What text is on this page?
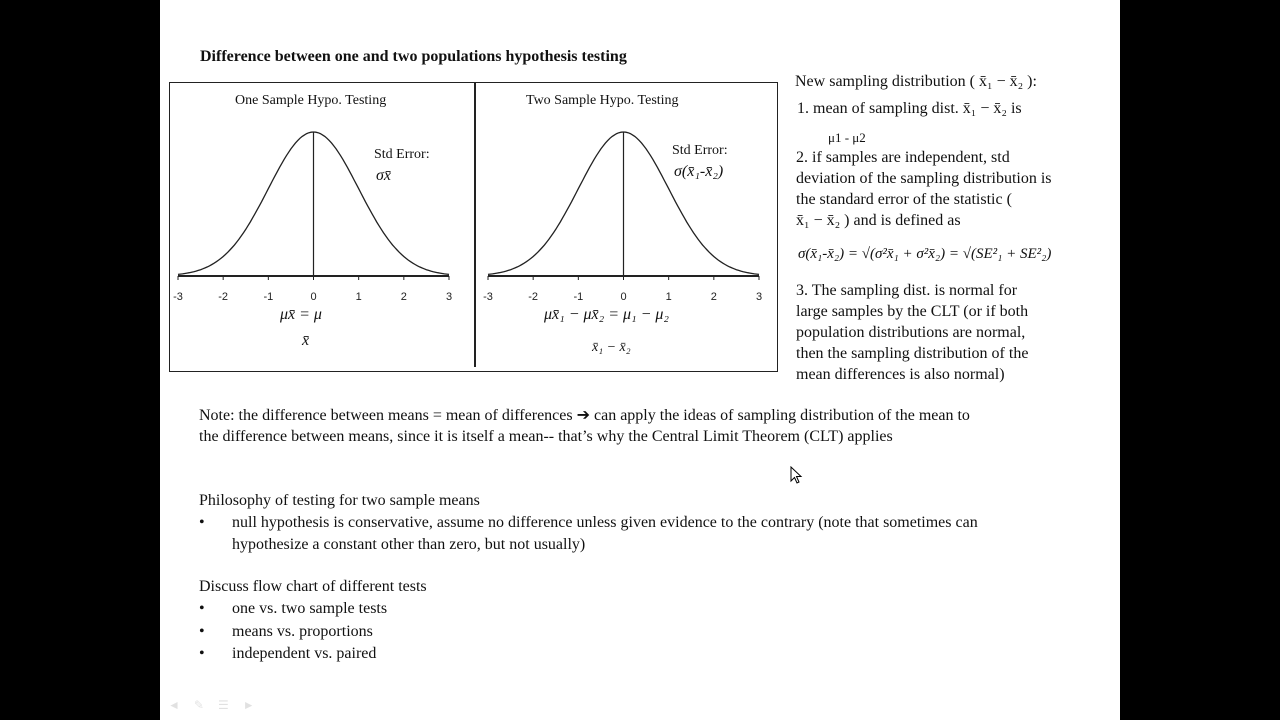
Difference between one and two populations hypothesis testing
One Sample Hypo. Testing	Two Sample Hypo. Testing
-3	-2	-1	0	1	2	3	-3	-2	-1	0	1	2	3
Std Error:
σx̄
Std Error:
σ(x̄₁-x̄₂)
μx̄ = μ
x̄
μx̄₁ − μx̄₂ = μ₁ − μ₂
x̄₁ − x̄₂
New sampling distribution ( x̄₁ − x̄₂ ):
1. mean of sampling dist. x̄₁ − x̄₂ is
μ1 - μ2
2. if samples are independent, std
deviation of the sampling distribution is
the standard error of the statistic (
x̄₁ − x̄₂ ) and is defined as
σ(x̄₁-x̄₂) = √(σ²x̄₁ + σ²x̄₂) = √(SE²₁ + SE²₂)
3. The sampling dist. is normal for
large samples by the CLT (or if both
population distributions are normal,
then the sampling distribution of the
mean differences is also normal)
Note: the difference between means = mean of differences ➔ can apply the ideas of sampling distribution of the mean to
the difference between means, since it is itself a mean-- that’s why the Central Limit Theorem (CLT) applies
Philosophy of testing for two sample means
• null hypothesis is conservative, assume no difference unless given evidence to the contrary (note that sometimes can
hypothesize a constant other than zero, but not usually)
Discuss flow chart of different tests
• one vs. two sample tests
• means vs. proportions
• independent vs. paired
◄ ✎ ☰ ►
